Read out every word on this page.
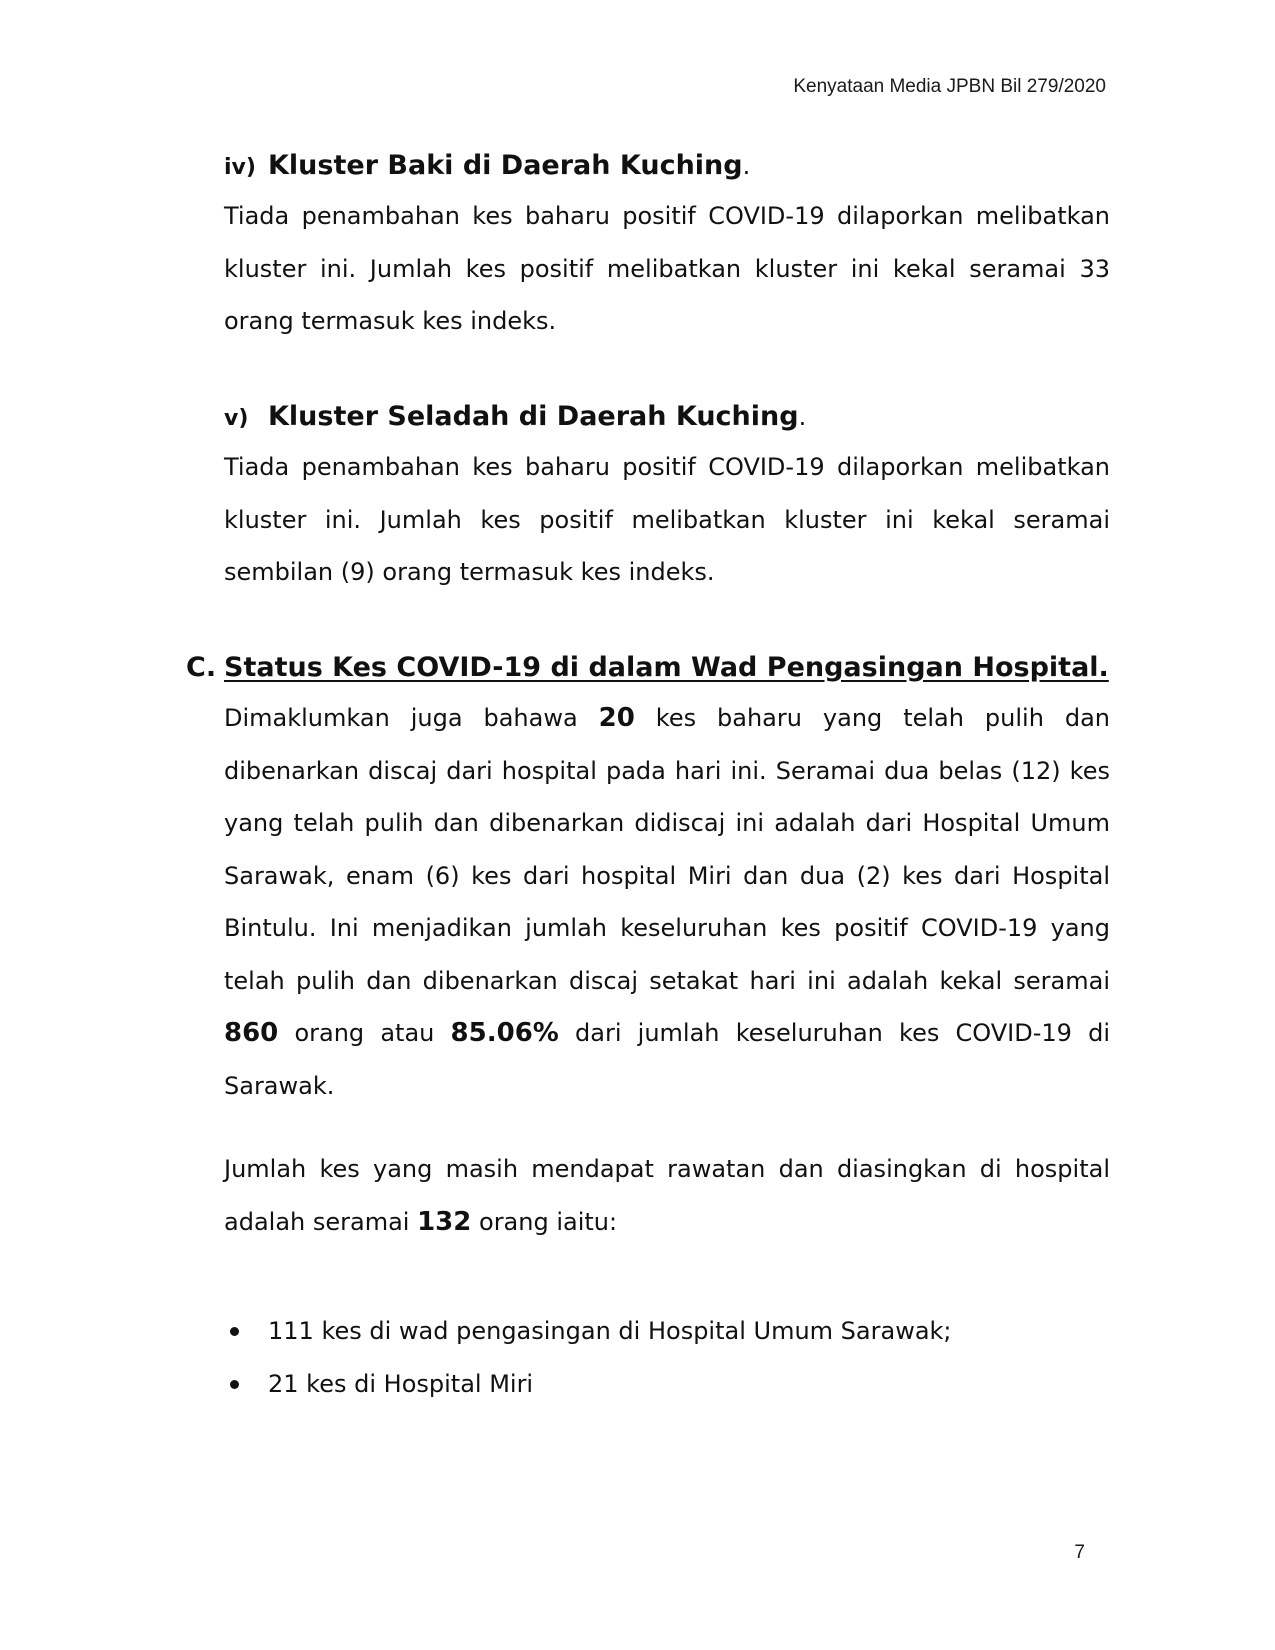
Kenyataan Media JPBN Bil 279/2020
iv) Kluster Baki di Daerah Kuching.
Tiada penambahan kes baharu positif COVID-19 dilaporkan melibatkan kluster ini. Jumlah kes positif melibatkan kluster ini kekal seramai 33 orang termasuk kes indeks.
v) Kluster Seladah di Daerah Kuching.
Tiada penambahan kes baharu positif COVID-19 dilaporkan melibatkan kluster ini. Jumlah kes positif melibatkan kluster ini kekal seramai sembilan (9) orang termasuk kes indeks.
C. Status Kes COVID-19 di dalam Wad Pengasingan Hospital.
Dimaklumkan juga bahawa 20 kes baharu yang telah pulih dan dibenarkan discaj dari hospital pada hari ini. Seramai dua belas (12) kes yang telah pulih dan dibenarkan didiscaj ini adalah dari Hospital Umum Sarawak, enam (6) kes dari hospital Miri dan dua (2) kes dari Hospital Bintulu. Ini menjadikan jumlah keseluruhan kes positif COVID-19 yang telah pulih dan dibenarkan discaj setakat hari ini adalah kekal seramai 860 orang atau 85.06% dari jumlah keseluruhan kes COVID-19 di Sarawak.
Jumlah kes yang masih mendapat rawatan dan diasingkan di hospital adalah seramai 132 orang iaitu:
111 kes di wad pengasingan di Hospital Umum Sarawak;
21 kes di Hospital Miri
7
